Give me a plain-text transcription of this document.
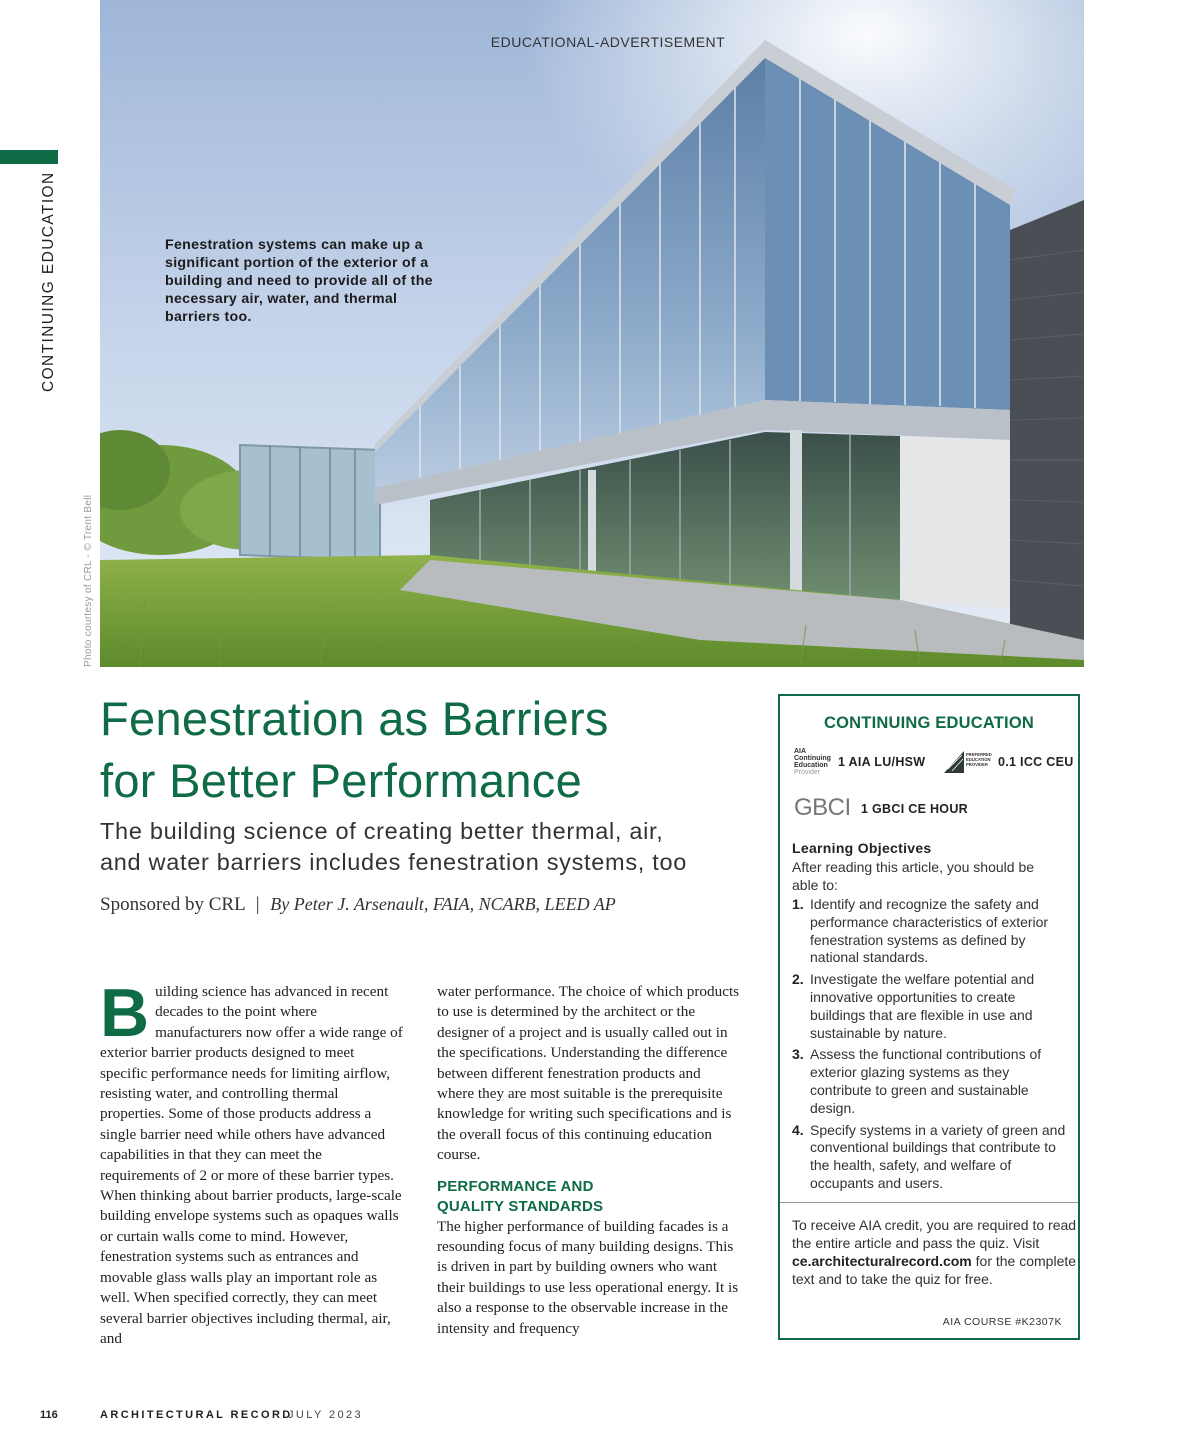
EDUCATIONAL-ADVERTISEMENT
Fenestration systems can make up a significant portion of the exterior of a building and need to provide all of the necessary air, water, and thermal barriers too.
Photo courtesy of CRL - © Trent Bell
CONTINUING EDUCATION
Fenestration as Barriers
for Better Performance
The building science of creating better thermal, air,
and water barriers includes fenestration systems, too
Sponsored by CRL | By Peter J. Arsenault, FAIA, NCARB, LEED AP
B uilding science has advanced in recent decades to the point where manufacturers now offer a wide range of exterior barrier products designed to meet specific performance needs for limiting airflow, resisting water, and controlling thermal properties. Some of those products address a single barrier need while others have advanced capabilities in that they can meet the requirements of 2 or more of these barrier types. When thinking about barrier products, large-scale building envelope systems such as opaques walls or curtain walls come to mind. However, fenestration systems such as entrances and movable glass walls play an important role as well. When specified correctly, they can meet several barrier objectives including thermal, air, and

water performance. The choice of which products to use is determined by the architect or the designer of a project and is usually called out in the specifications. Understanding the difference between different fenestration products and where they are most suitable is the prerequisite knowledge for writing such specifications and is the overall focus of this continuing education course.

PERFORMANCE AND
QUALITY STANDARDS

The higher performance of building facades is a resounding focus of many building designs. This is driven in part by building owners who want their buildings to use less operational energy. It is also a response to the observable increase in the intensity and frequency

CONTINUING EDUCATION
AIA
Continuing
Education
Provider
1 AIA LU/HSW
PREFERRED EDUCATION PROVIDER 0.1 ICC CEU
GBCI 1 GBCI CE HOUR
Learning Objectives
After reading this article, you should be able to:
1. Identify and recognize the safety and performance characteristics of exterior fenestration systems as defined by national standards.
2. Investigate the welfare potential and innovative opportunities to create buildings that are flexible in use and sustainable by nature.
3. Assess the functional contributions of exterior glazing systems as they contribute to green and sustainable design.
4. Specify systems in a variety of green and conventional buildings that contribute to the health, safety, and welfare of occupants and users.
To receive AIA credit, you are required to read the entire article and pass the quiz. Visit ce.architecturalrecord.com for the complete text and to take the quiz for free.
AIA COURSE #K2307K
116	ARCHITECTURAL RECORD
JULY 2023
